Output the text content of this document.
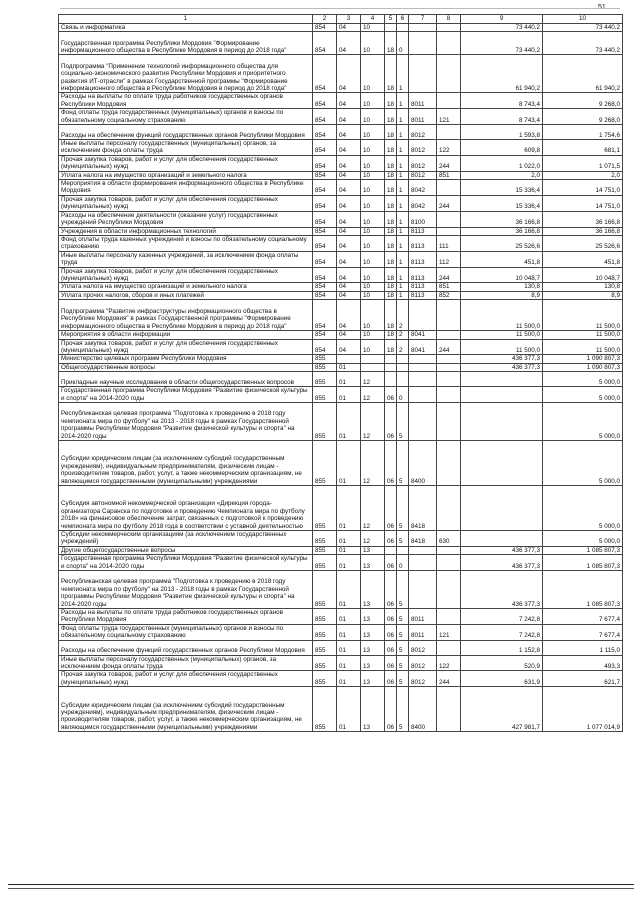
51
1	2	3	4	5	6	7	8	9	10
Связь и информатика	854	04	10					73 440,2	73 440,2
Государственная программа Республики Мордовия "Формирование информационного общества в Республике Мордовия в период до 2018 года"	854	04	10	18	0			73 440,2	73 440,2
Подпрограмма "Применение технологий информационного общества для социально-экономического развития Республики Мордовия и приоритетного развития ИТ-отрасли" в рамках Государственной программы "Формирование информационного общества в Республике Мордовия в период до 2018 года"	854	04	10	18	1			61 940,2	61 940,2
Расходы на выплаты по оплате труда работников государственных органов Республики Мордовия	854	04	10	18	1	8011		8 743,4	9 268,0
Фонд оплаты труда государственных (муниципальных) органов и взносы по обязательному социальному страхованию	854	04	10	18	1	8011	121	8 743,4	9 268,0
Расходы на обеспечение функций государственных органов Республики Мордовия	854	04	10	18	1	8012		1 593,8	1 754,6
Иные выплаты персоналу государственных (муниципальных) органов, за исключением фонда оплаты труда	854	04	10	18	1	8012	122	609,8	681,1
Прочая закупка товаров, работ и услуг для обеспечения государственных (муниципальных) нужд	854	04	10	18	1	8012	244	1 022,0	1 071,5
Уплата налога на имущество организаций и земельного налога	854	04	10	18	1	8012	851	2,0	2,0
Мероприятия в области формирования информационного общества в Республике Мордовия	854	04	10	18	1	8042		15 336,4	14 751,0
Прочая закупка товаров, работ и услуг для обеспечения государственных (муниципальных) нужд	854	04	10	18	1	8042	244	15 336,4	14 751,0
Расходы на обеспечение деятельности (оказание услуг) государственных учреждений Республики Мордовия	854	04	10	18	1	8100		36 166,8	36 166,8
Учреждения в области информационных технологий	854	04	10	18	1	8113		36 166,8	36 166,8
Фонд оплаты труда казенных учреждений и взносы по обязательному социальному страхованию	854	04	10	18	1	8113	111	25 526,6	25 526,6
Иные выплаты персоналу казенных учреждений, за исключением фонда оплаты труда	854	04	10	18	1	8113	112	451,8	451,8
Прочая закупка товаров, работ и услуг для обеспечения государственных (муниципальных) нужд	854	04	10	18	1	8113	244	10 048,7	10 048,7
Уплата налога на имущество организаций и земельного налога	854	04	10	18	1	8113	851	130,8	130,8
Уплата прочих налогов, сборов и иных платежей	854	04	10	18	1	8113	852	8,9	8,9
Подпрограмма "Развитие инфраструктуры информационного общества в Республике Мордовия" в рамках Государственной программы "Формирование информационного общества в Республике Мордовия в период до 2018 года"	854	04	10	18	2			11 500,0	11 500,0
Мероприятия в области информации	854	04	10	18	2	8041		11 500,0	11 500,0
Прочая закупка товаров, работ и услуг для обеспечения государственных (муниципальных) нужд	854	04	10	18	2	8041	244	11 500,0	11 500,0
Министерство целевых программ Республики Мордовия	855							436 377,3	1 090 807,3
Общегосударственные вопросы	855	01						436 377,3	1 090 807,3
Прикладные научные исследования в области общегосударственных вопросов	855	01	12						5 000,0
Государственная программа Республики Мордовия "Развитие физической культуры и спорта" на 2014-2020 годы	855	01	12	06	0				5 000,0
Республиканская целевая программа "Подготовка к проведению в 2018 году чемпионата мира по футболу" на 2013 - 2018 годы в рамках Государственной программы Республики Мордовия "Развитие физической культуры и спорта" на 2014-2020 годы	855	01	12	06	5				5 000,0
Субсидии юридическим лицам (за исключением субсидий государственным учреждениям), индивидуальным предпринимателям, физическим лицам - производителям товаров, работ, услуг, а также некоммерческим организациям, не являющимся государственными (муниципальными) учреждениями	855	01	12	06	5	8400			5 000,0
Субсидия автономной некоммерческой организации «Дирекция города-организатора Саранска по подготовке и проведению Чемпионата мира по футболу 2018» на финансовое обеспечение затрат, связанных с подготовкой к проведению чемпионата мира по футболу 2018 года в соответствии с уставной деятельностью	855	01	12	06	5	8418			5 000,0
Субсидии некоммерческим организациям (за исключением государственных учреждений)	855	01	12	06	5	8418	630		5 000,0
Другие общегосударственные вопросы	855	01	13					436 377,3	1 085 807,3
Государственная программа Республики Мордовия "Развитие физической культуры и спорта" на 2014-2020 годы	855	01	13	06	0			436 377,3	1 085 807,3
Республиканская целевая программа "Подготовка к проведению в 2018 году чемпионата мира по футболу" на 2013 - 2018 годы в рамках Государственной программы Республики Мордовия "Развитие физической культуры и спорта" на 2014-2020 годы	855	01	13	06	5			436 377,3	1 085 807,3
Расходы на выплаты по оплате труда работников государственных органов Республики Мордовия	855	01	13	06	5	8011		7 242,8	7 677,4
Фонд оплаты труда государственных (муниципальных) органов и взносы по обязательному социальному страхованию	855	01	13	06	5	8011	121	7 242,8	7 677,4
Расходы на обеспечение функций государственных органов Республики Мордовия	855	01	13	06	5	8012		1 152,8	1 115,0
Иные выплаты персоналу государственных (муниципальных) органов, за исключением фонда оплаты труда	855	01	13	06	5	8012	122	520,9	493,3
Прочая закупка товаров, работ и услуг для обеспечения государственных (муниципальных) нужд	855	01	13	06	5	8012	244	631,9	621,7
Субсидии юридическим лицам (за исключением субсидий государственным учреждениям), индивидуальным предпринимателям, физическим лицам - производителям товаров, работ, услуг, а также некоммерческим организациям, не являющимся государственными (муниципальными) учреждениями	855	01	13	06	5	8400		427 981,7	1 077 014,9
